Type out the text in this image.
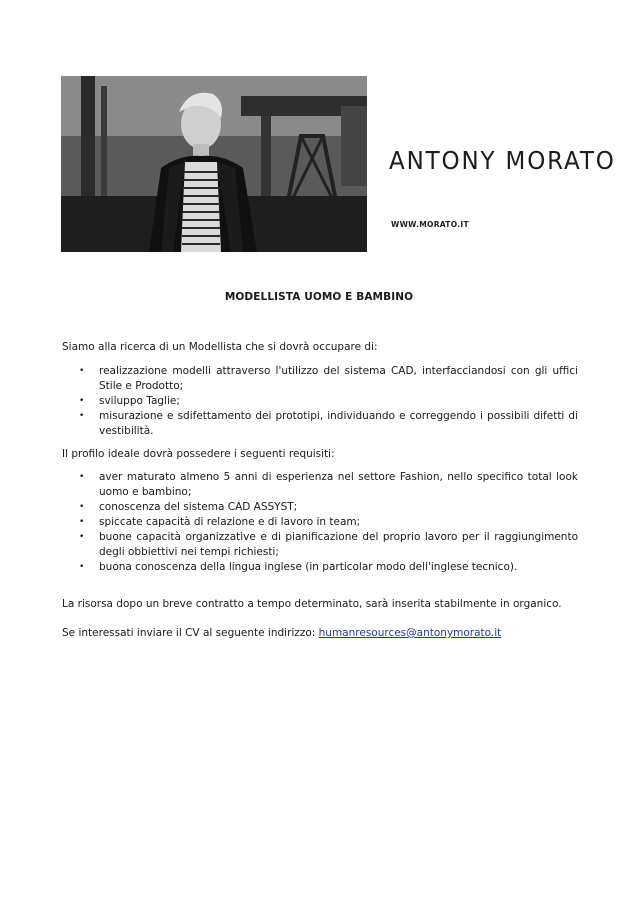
ANTONY MORATO
WWW.MORATO.IT
MODELLISTA UOMO E BAMBINO

Siamo alla ricerca di un Modellista che si dovrà occupare di:

• realizzazione modelli attraverso l'utilizzo del sistema CAD, interfacciandosi con gli uffici Stile e Prodotto;
• sviluppo Taglie;
• misurazione e sdifettamento dei prototipi, individuando e correggendo i possibili difetti di vestibilità.

Il profilo ideale dovrà possedere i seguenti requisiti:

• aver maturato almeno 5 anni di esperienza nel settore Fashion, nello specifico total look uomo e bambino;
• conoscenza del sistema CAD ASSYST;
• spiccate capacità di relazione e di lavoro in team;
• buone capacità organizzative e di pianificazione del proprio lavoro per il raggiungimento degli obbiettivi nei tempi richiesti;
• buona conoscenza della lingua inglese (in particolar modo dell'inglese tecnico).

La risorsa dopo un breve contratto a tempo determinato, sarà inserita stabilmente in organico.

Se interessati inviare il CV al seguente indirizzo: humanresources@antonymorato.it
